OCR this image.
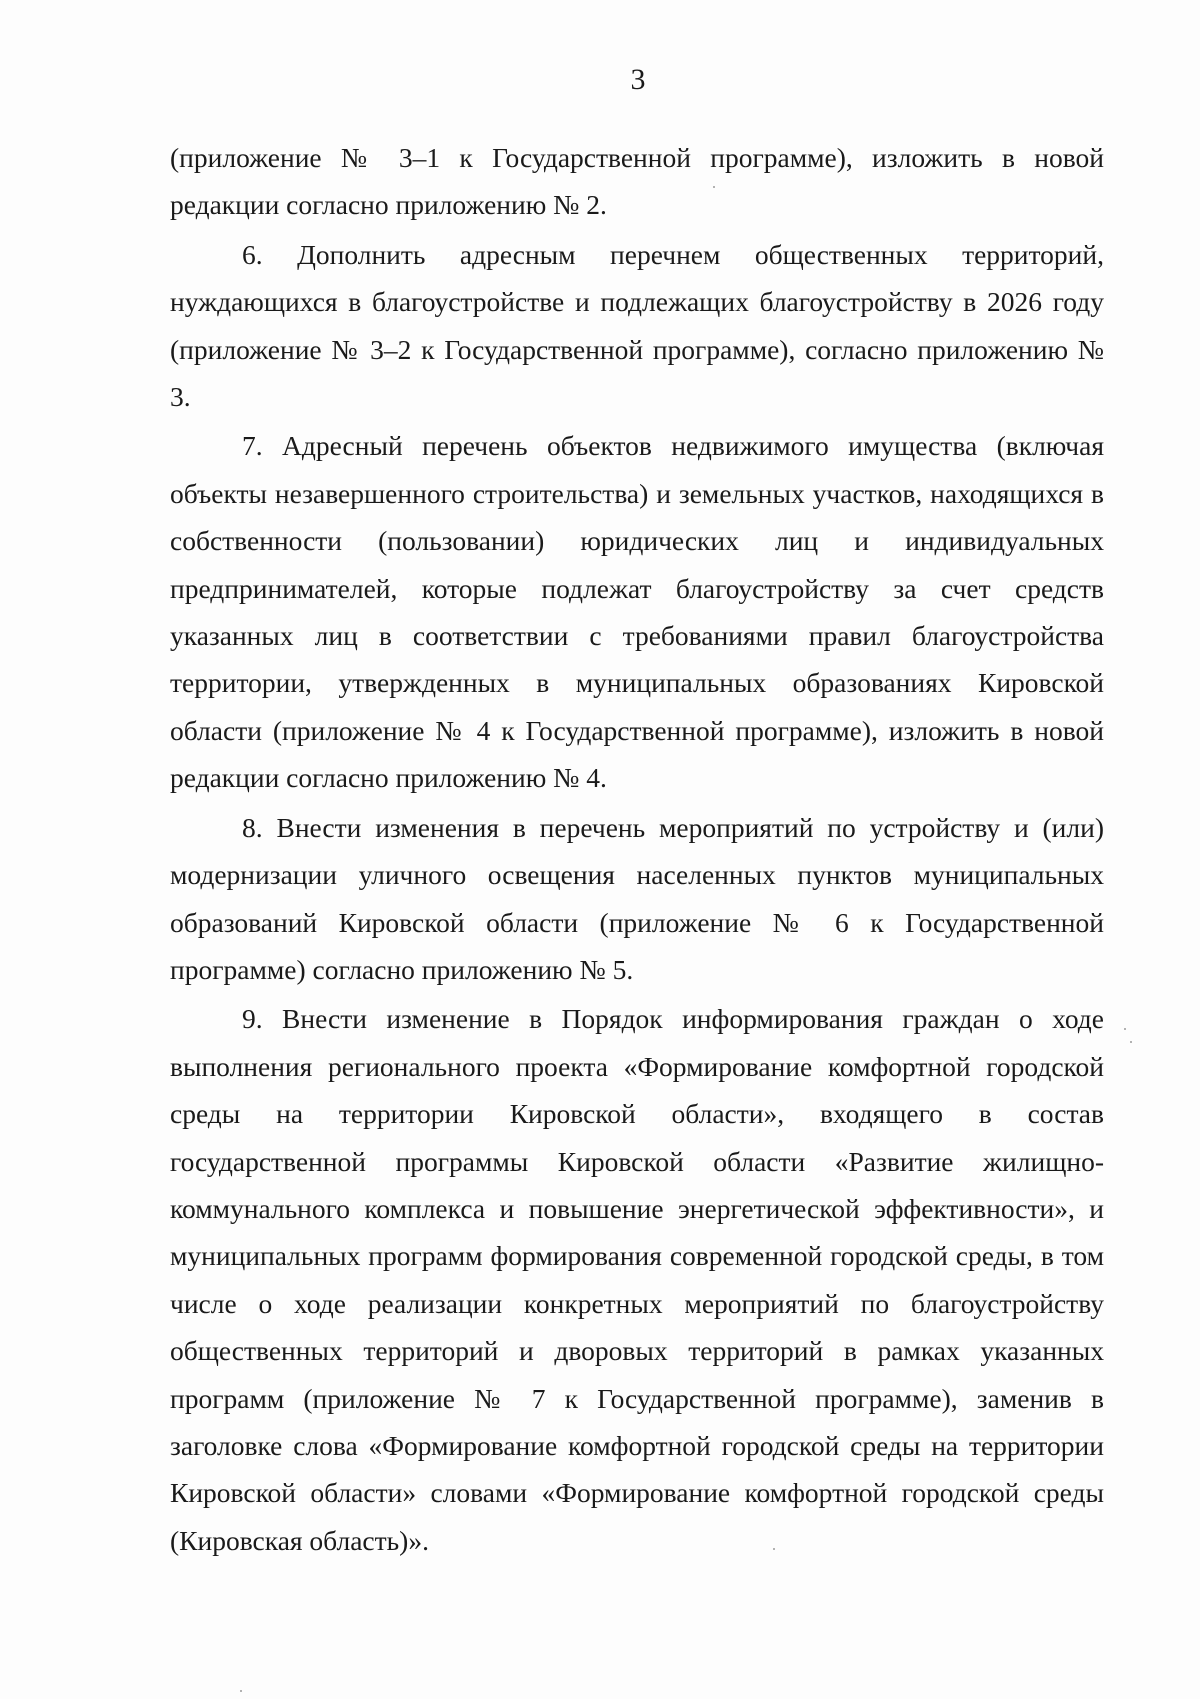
3

(приложение № 3–1 к Государственной программе), изложить в новой редакции согласно приложению № 2.

6. Дополнить адресным перечнем общественных территорий, нуждающихся в благоустройстве и подлежащих благоустройству в 2026 году (приложение № 3–2 к Государственной программе), согласно приложению № 3.

7. Адресный перечень объектов недвижимого имущества (включая объекты незавершенного строительства) и земельных участков, находящихся в собственности (пользовании) юридических лиц и индивидуальных предпринимателей, которые подлежат благоустройству за счет средств указанных лиц в соответствии с требованиями правил благоустройства территории, утвержденных в муниципальных образованиях Кировской области (приложение № 4 к Государственной программе), изложить в новой редакции согласно приложению № 4.

8. Внести изменения в перечень мероприятий по устройству и (или) модернизации уличного освещения населенных пунктов муниципальных образований Кировской области (приложение № 6 к Государственной программе) согласно приложению № 5.

9. Внести изменение в Порядок информирования граждан о ходе выполнения регионального проекта «Формирование комфортной городской среды на территории Кировской области», входящего в состав государственной программы Кировской области «Развитие жилищно-коммунального комплекса и повышение энергетической эффективности», и муниципальных программ формирования современной городской среды, в том числе о ходе реализации конкретных мероприятий по благоустройству общественных территорий и дворовых территорий в рамках указанных программ (приложение № 7 к Государственной программе), заменив в заголовке слова «Формирование комфортной городской среды на территории Кировской области» словами «Формирование комфортной городской среды (Кировская область)».
